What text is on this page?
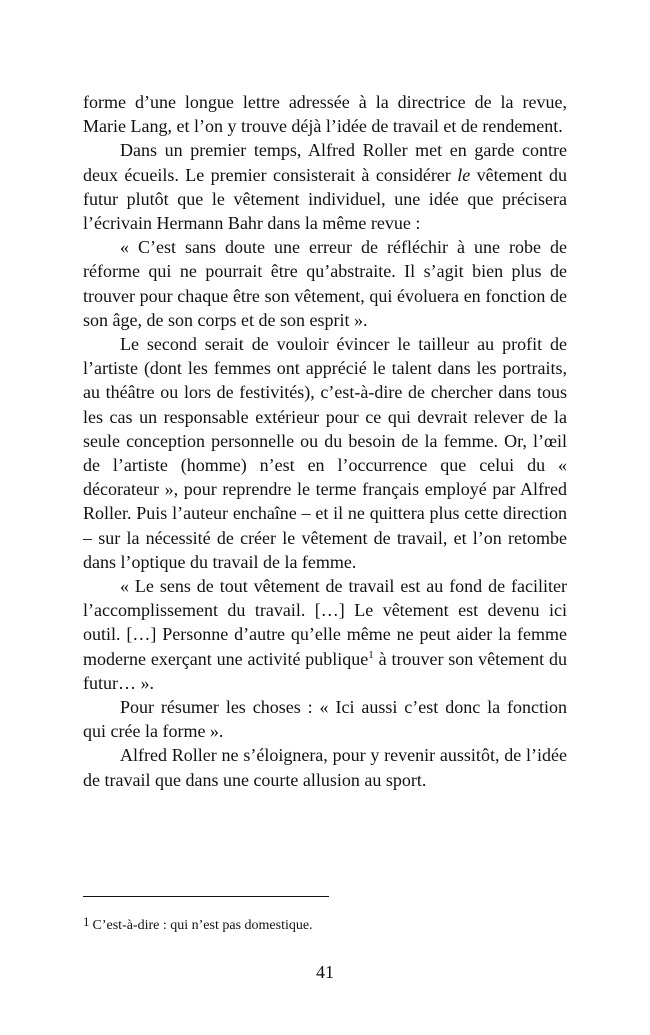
forme d’une longue lettre adressée à la directrice de la revue, Marie Lang, et l’on y trouve déjà l’idée de travail et de rendement.

Dans un premier temps, Alfred Roller met en garde contre deux écueils. Le premier consisterait à considérer le vêtement du futur plutôt que le vêtement individuel, une idée que précisera l’écrivain Hermann Bahr dans la même revue :

« C’est sans doute une erreur de réfléchir à une robe de réforme qui ne pourrait être qu’abstraite. Il s’agit bien plus de trouver pour chaque être son vêtement, qui évoluera en fonction de son âge, de son corps et de son esprit ».

Le second serait de vouloir évincer le tailleur au profit de l’artiste (dont les femmes ont apprécié le talent dans les portraits, au théâtre ou lors de festivités), c’est-à-dire de chercher dans tous les cas un responsable extérieur pour ce qui devrait relever de la seule conception personnelle ou du besoin de la femme. Or, l’œil de l’artiste (homme) n’est en l’occurrence que celui du « décorateur », pour reprendre le terme français employé par Alfred Roller. Puis l’auteur enchaîne – et il ne quittera plus cette direction – sur la nécessité de créer le vêtement de travail, et l’on retombe dans l’optique du travail de la femme.

« Le sens de tout vêtement de travail est au fond de faciliter l’accomplissement du travail. […] Le vêtement est devenu ici outil. […] Personne d’autre qu’elle même ne peut aider la femme moderne exerçant une activité publique$^1$ à trouver son vêtement du futur… ».

Pour résumer les choses : « Ici aussi c’est donc la fonction qui crée la forme ».

Alfred Roller ne s’éloignera, pour y revenir aussitôt, de l’idée de travail que dans une courte allusion au sport.

$^1$ C’est-à-dire : qui n’est pas domestique.
41
